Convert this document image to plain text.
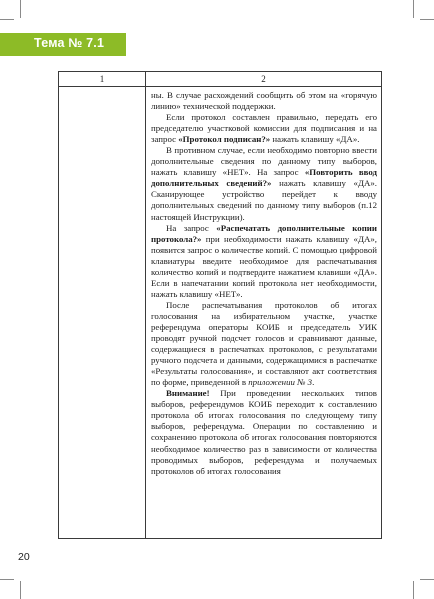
Тема № 7.1
1	2

ны. В случае расхождений сообщить об этом на «горячую линию» технической поддержки.

Если протокол составлен правильно, передать его председателю участковой комиссии для подписания и на запрос «Протокол подписан?» нажать клавишу «ДА».

В противном случае, если необходимо повторно ввести дополнительные сведения по данному типу выборов, нажать клавишу «НЕТ». На запрос «Повторить ввод дополнительных сведений?» нажать клавишу «ДА». Сканирующее устройство перейдет к вводу дополнительных сведений по данному типу выборов (п.12 настоящей Инструкции).

На запрос «Распечатать дополнительные копии протокола?» при необходимости нажать клавишу «ДА», появится запрос о количестве копий. С помощью цифровой клавиатуры введите необходимое для распечатывания количество копий и подтвердите нажатием клавиши «ДА». Если в напечатании копий протокола нет необходимости, нажать клавишу «НЕТ».

После распечатывания протоколов об итогах голосования на избирательном участке, участке референдума операторы КОИБ и председатель УИК проводят ручной подсчет голосов и сравнивают данные, содержащиеся в распечатках протоколов, с результатами ручного подсчета и данными, содержащимися в распечатке «Результаты голосования», и составляют акт соответствия по форме, приведенной в приложении № 3.

Внимание! При проведении нескольких типов выборов, референдумов КОИБ переходит к составлению протокола об итогах голосования по следующему типу выборов, референдума. Операции по составлению и сохранению протокола об итогах голосования повторяются необходимое количество раз в зависимости от количества проводимых выборов, референдума и получаемых протоколов об итогах голосования

20
